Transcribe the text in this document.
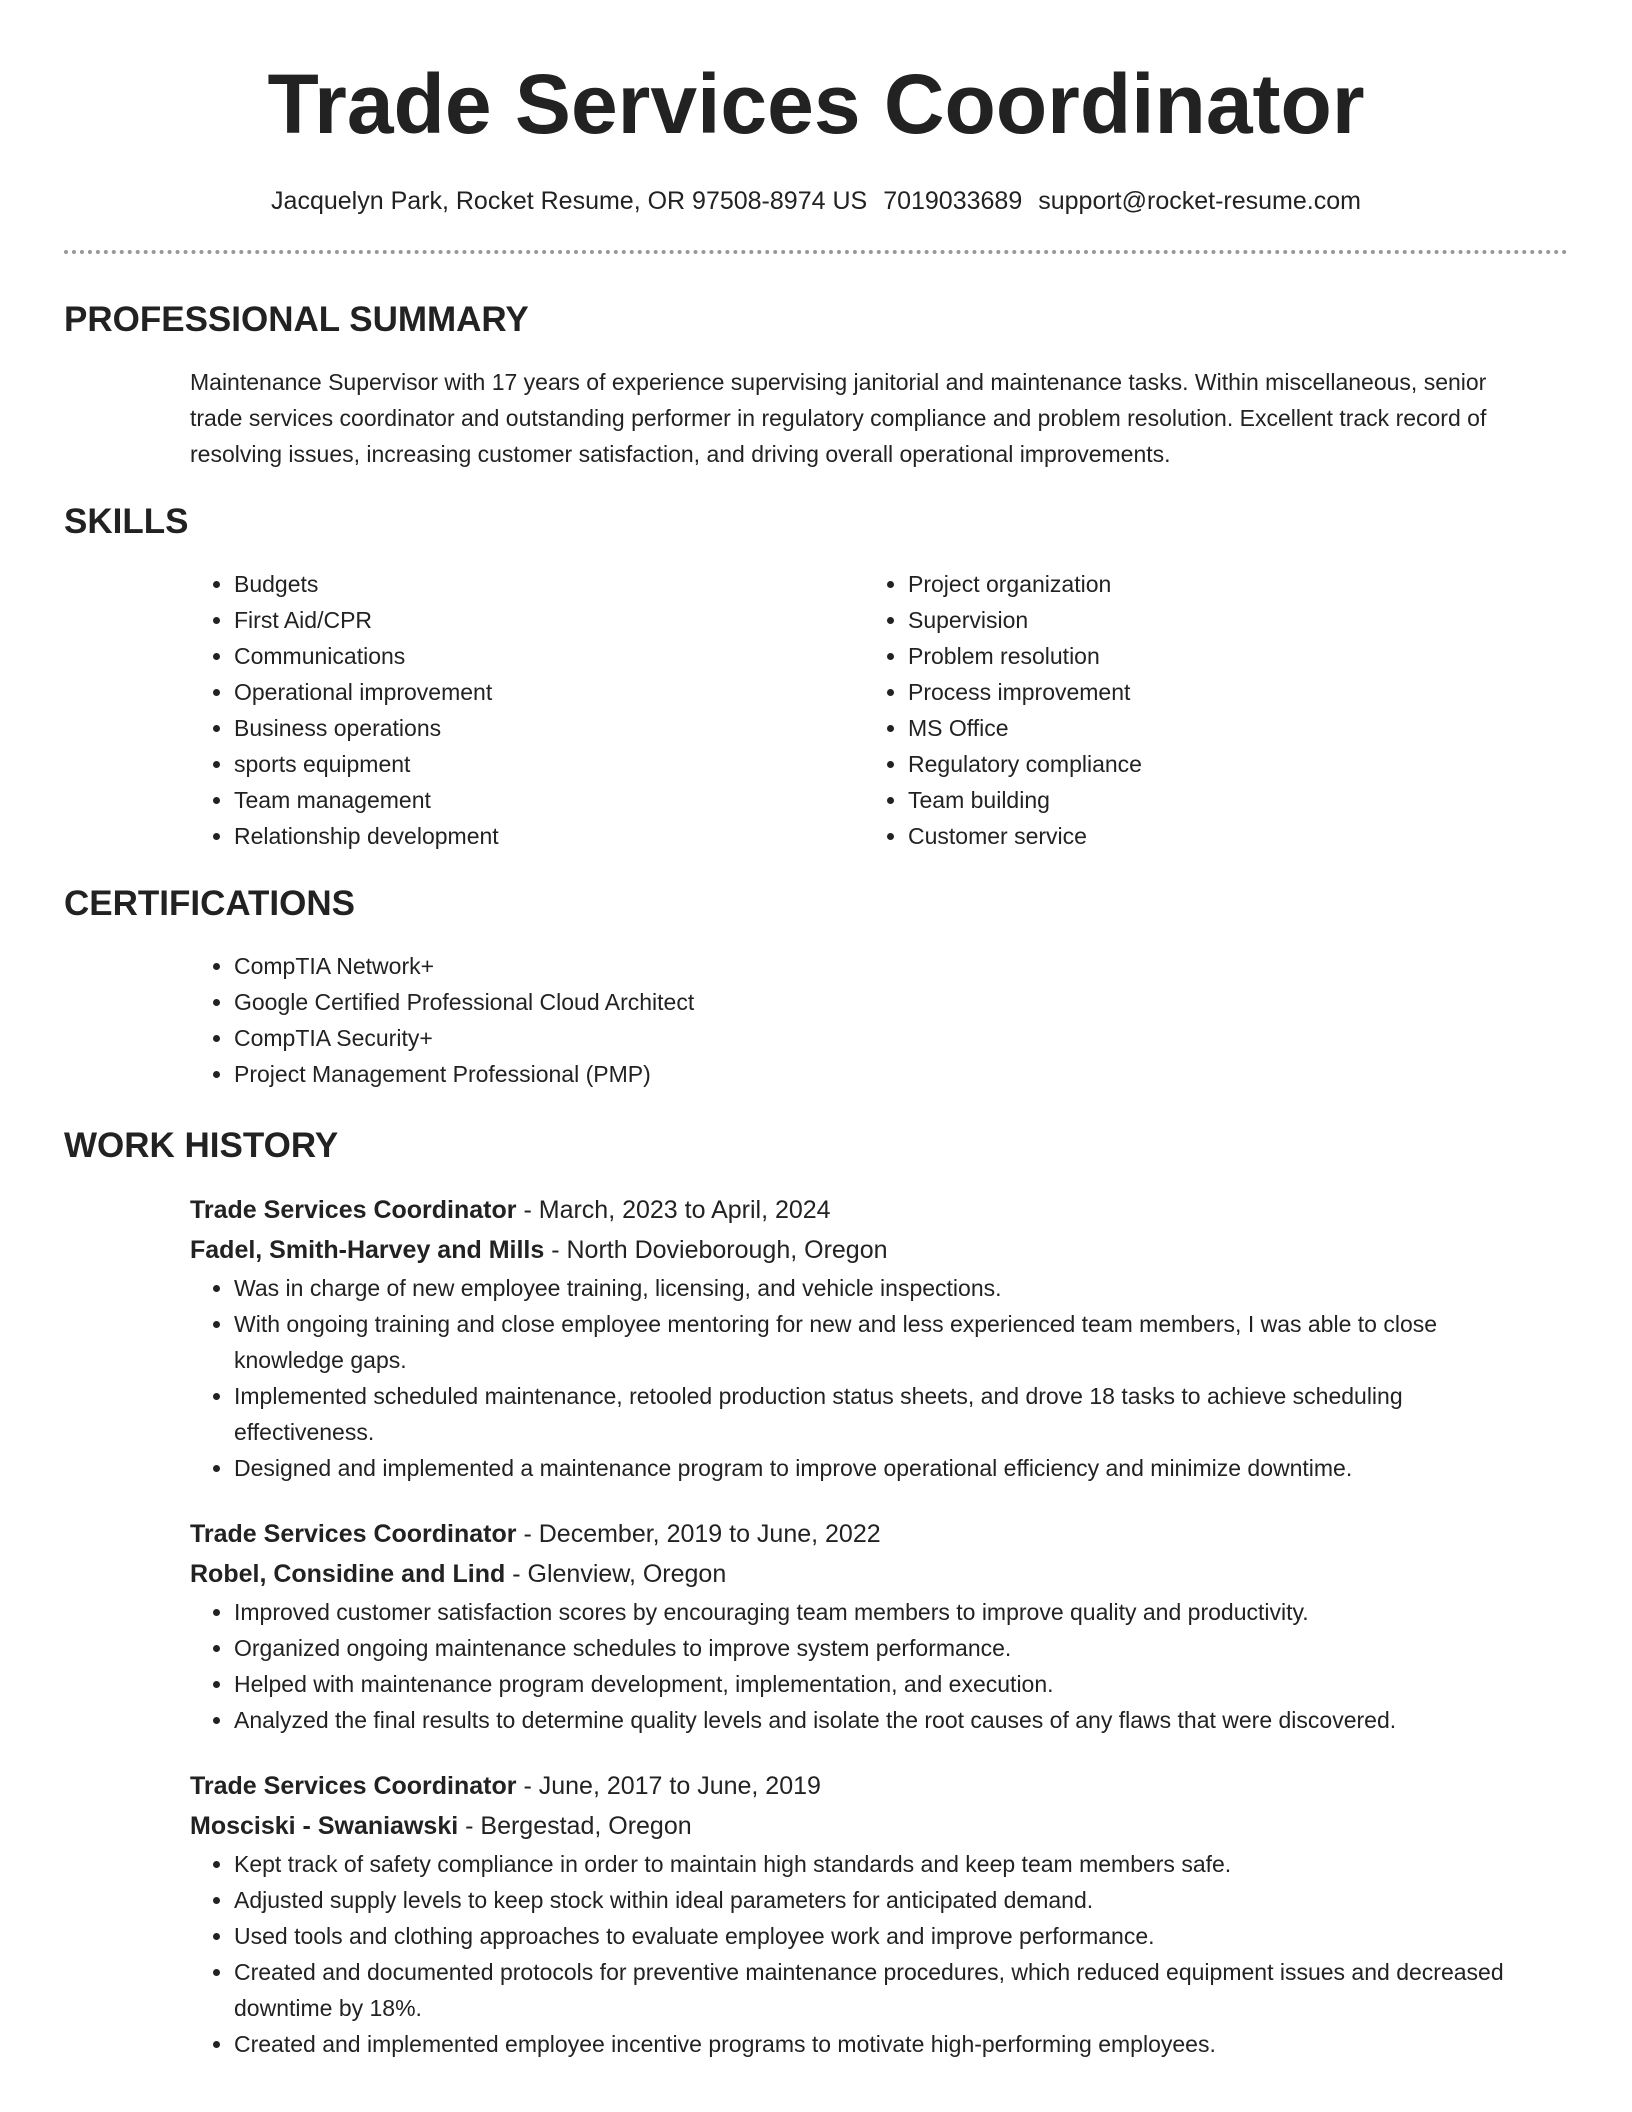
Trade Services Coordinator
Jacquelyn Park, Rocket Resume, OR 97508-8974 US 7019033689 support@rocket-resume.com
PROFESSIONAL SUMMARY

Maintenance Supervisor with 17 years of experience supervising janitorial and maintenance tasks. Within miscellaneous, senior trade services coordinator and outstanding performer in regulatory compliance and problem resolution. Excellent track record of resolving issues, increasing customer satisfaction, and driving overall operational improvements.

SKILLS
• Budgets
• First Aid/CPR
• Communications
• Operational improvement
• Business operations
• sports equipment
• Team management
• Relationship development
• Project organization
• Supervision
• Problem resolution
• Process improvement
• MS Office
• Regulatory compliance
• Team building
• Customer service
CERTIFICATIONS
• CompTIA Network+
• Google Certified Professional Cloud Architect
• CompTIA Security+
• Project Management Professional (PMP)
WORK HISTORY
Trade Services Coordinator - March, 2023 to April, 2024
Fadel, Smith-Harvey and Mills - North Dovieborough, Oregon
• Was in charge of new employee training, licensing, and vehicle inspections.
• With ongoing training and close employee mentoring for new and less experienced team members, I was able to close knowledge gaps.
• Implemented scheduled maintenance, retooled production status sheets, and drove 18 tasks to achieve scheduling effectiveness.
• Designed and implemented a maintenance program to improve operational efficiency and minimize downtime.
Trade Services Coordinator - December, 2019 to June, 2022
Robel, Considine and Lind - Glenview, Oregon
• Improved customer satisfaction scores by encouraging team members to improve quality and productivity.
• Organized ongoing maintenance schedules to improve system performance.
• Helped with maintenance program development, implementation, and execution.
• Analyzed the final results to determine quality levels and isolate the root causes of any flaws that were discovered.
Trade Services Coordinator - June, 2017 to June, 2019
Mosciski - Swaniawski - Bergestad, Oregon
• Kept track of safety compliance in order to maintain high standards and keep team members safe.
• Adjusted supply levels to keep stock within ideal parameters for anticipated demand.
• Used tools and clothing approaches to evaluate employee work and improve performance.
• Created and documented protocols for preventive maintenance procedures, which reduced equipment issues and decreased downtime by 18%.
• Created and implemented employee incentive programs to motivate high-performing employees.
